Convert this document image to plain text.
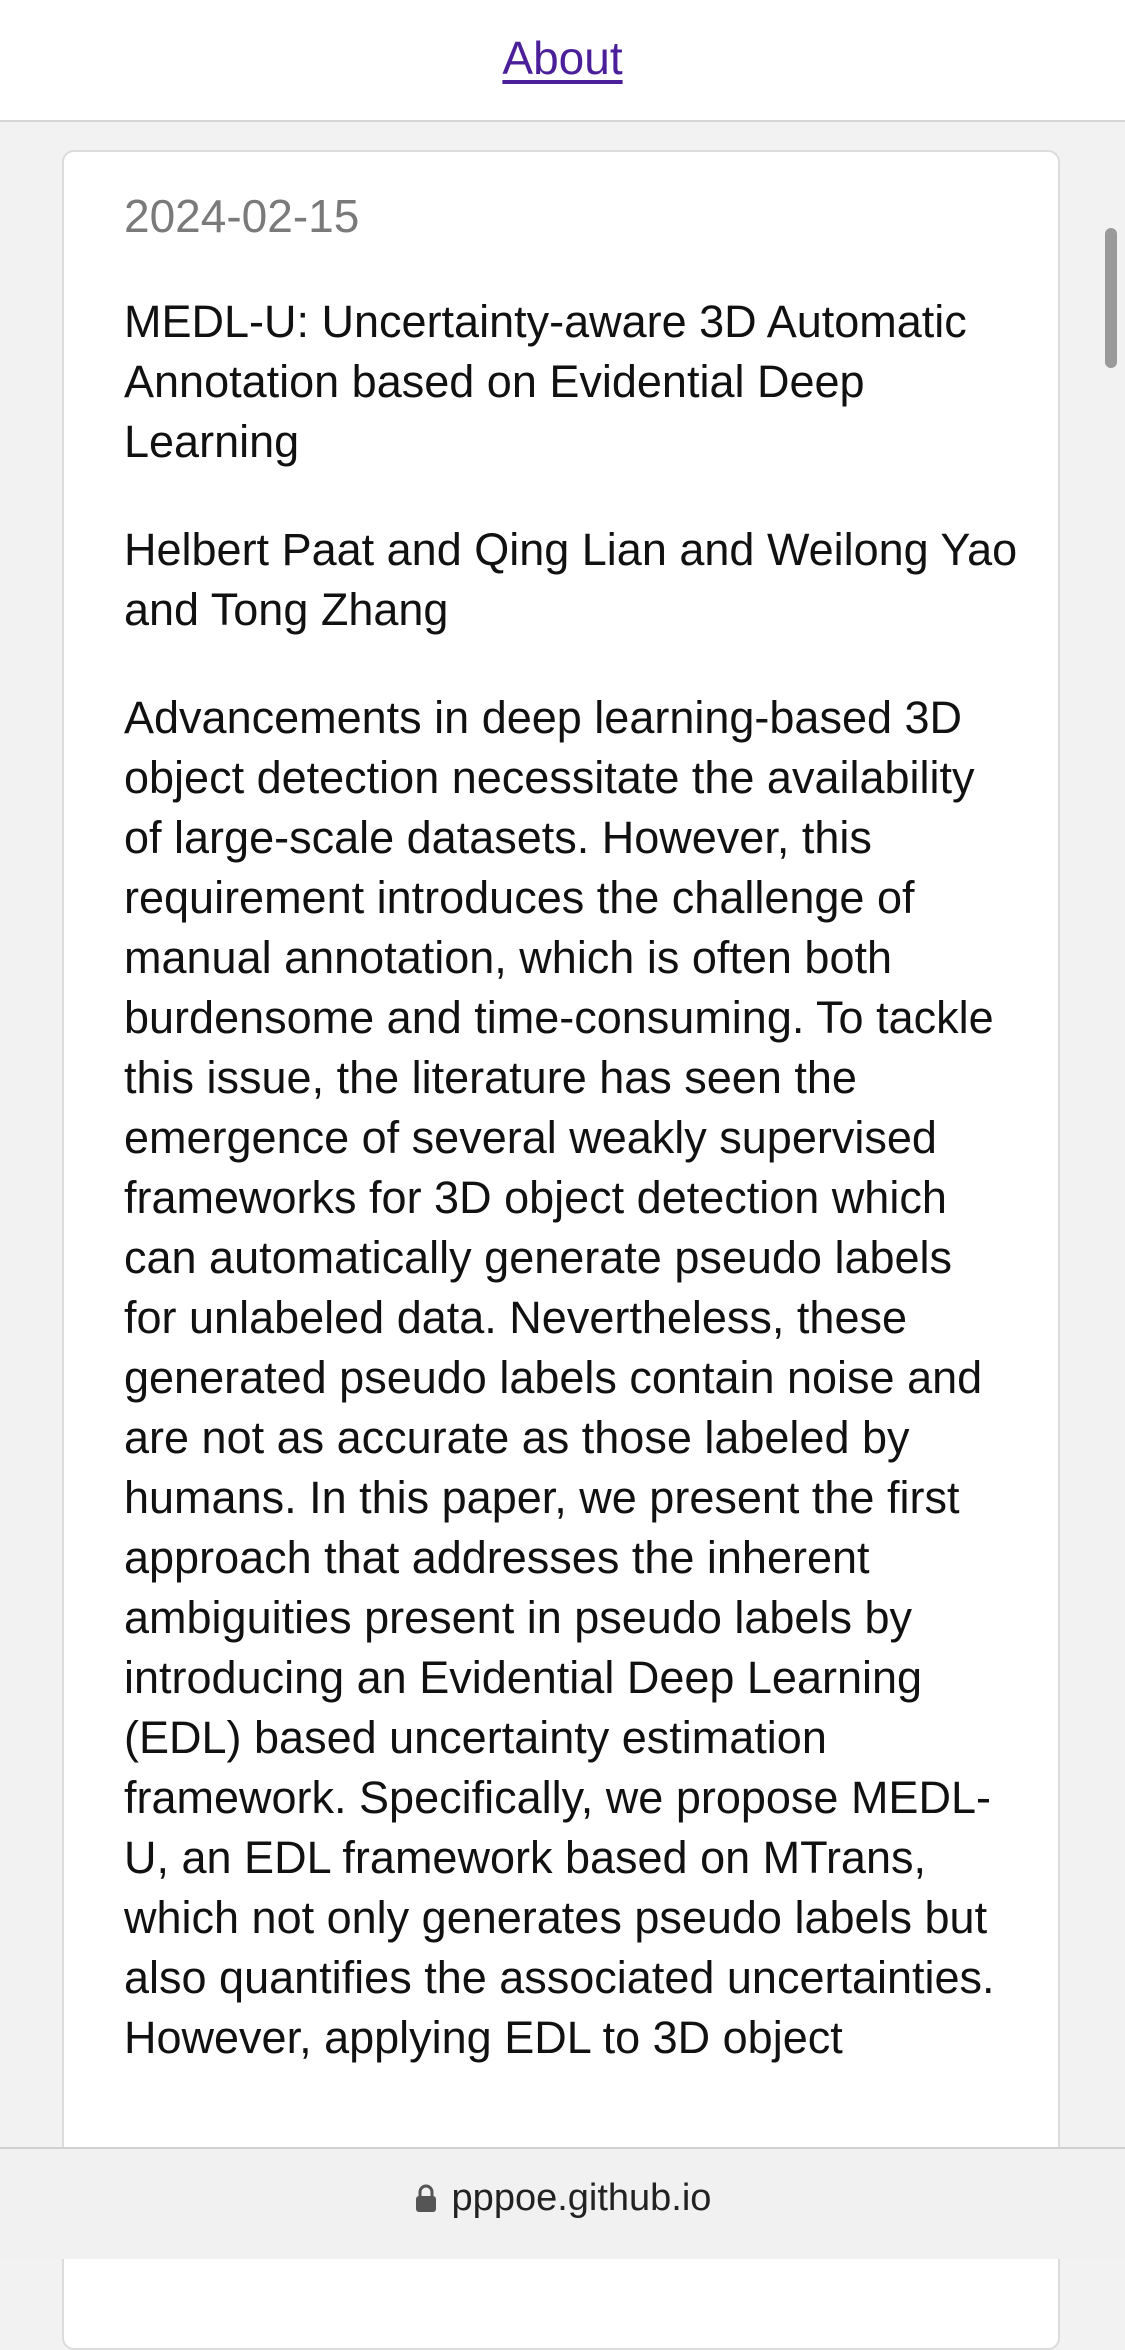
About
2024-02-15
MEDL-U: Uncertainty-aware 3D Automatic Annotation based on Evidential Deep Learning

Helbert Paat and Qing Lian and Weilong Yao and Tong Zhang

Advancements in deep learning-based 3D object detection necessitate the availability of large-scale datasets. However, this requirement introduces the challenge of manual annotation, which is often both burdensome and time-consuming. To tackle this issue, the literature has seen the emergence of several weakly supervised frameworks for 3D object detection which can automatically generate pseudo labels for unlabeled data. Nevertheless, these generated pseudo labels contain noise and are not as accurate as those labeled by humans. In this paper, we present the first approach that addresses the inherent ambiguities present in pseudo labels by introducing an Evidential Deep Learning (EDL) based uncertainty estimation framework. Specifically, we propose MEDL-U, an EDL framework based on MTrans, which not only generates pseudo labels but also quantifies the associated uncertainties. However, applying EDL to 3D object

pppoe.github.io
